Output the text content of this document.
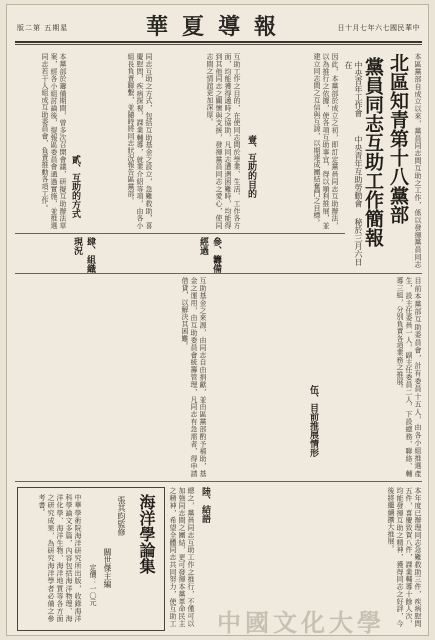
版二第 五期星	華夏導報	日十月七年六七國民華中
北區知青第十八黨部
黨員同志互助工作簡報
中央青年工作會 　　中央青年互助勞動會　 秘於三月六日在
本區黨部自成立以來，黨員同志間互助之工作，係以發揮黨員同志
因此，本黨部於成立之初，即訂定黨員同志互助辦法，以為推行之依據，使各項互助事宜，得以順利推展，並建立同志間之互信與互諒，以期達成團結奮鬥之目標。
壹、互助的目的
互助工作之目的，在使同志間於學業、生活、工作各方面，均能獲得適時之協助，凡同志遭遇困難時，均能得到其他同志之關懷與支援，發揮黨員同志之愛心，使同志間之情誼更加深厚。
貳、互助的方式	同志互助之方式，包括互助基金之設立，急難救助，喜慶慰問，疾病探視，課業輔導，就業介紹等項，由各小組長負責聯繫，並隨時將同志狀況報告區黨部。
本黨部於籌備期間，曾多次召開會議，研擬互助辦法草案，經各小組討論後，提報區委員會通過實施，並推選同志若干人組成互助委員會，負責推動各項工作。
參、籌備經過
肆、組織現況
目前本黨部互助委員會，計有委員十五人，由各小組推選產生，設主任委員一人，副主任委員二人，下設總務、聯絡、輔導三組，分別負責各項業務之推展。
伍、目前推展情形
互助基金之來源，由同志自由捐獻，並由區黨部酌予補助，基金之運用，由互助委員會統籌管理，凡同志有急需者，得申請借貸，以解決其困難。
本年度已辦理同志急難救助三件，疾病慰問五件，喜慶致賀八件，課業輔導十餘人次，均能發揮互助之精神，獲得同志之好評，今後將繼續擴大推展。
陸、結語
總之，黨員同志互助工作之推行，不僅可以加強同志間之團結，更可發揮本黨革命民主之精神，希望全體同志共同努力，使互助工
海洋學論集
張其昀監修
關世傑主編
定價：一〇元
中華學術院海洋研究所出版，收錄海洋科學論文多篇，內容包括海洋物理、海洋化學、海洋生物、海洋地質等各方面之研究成果，為研究海洋學者必備之參考書。
中國文化大學
